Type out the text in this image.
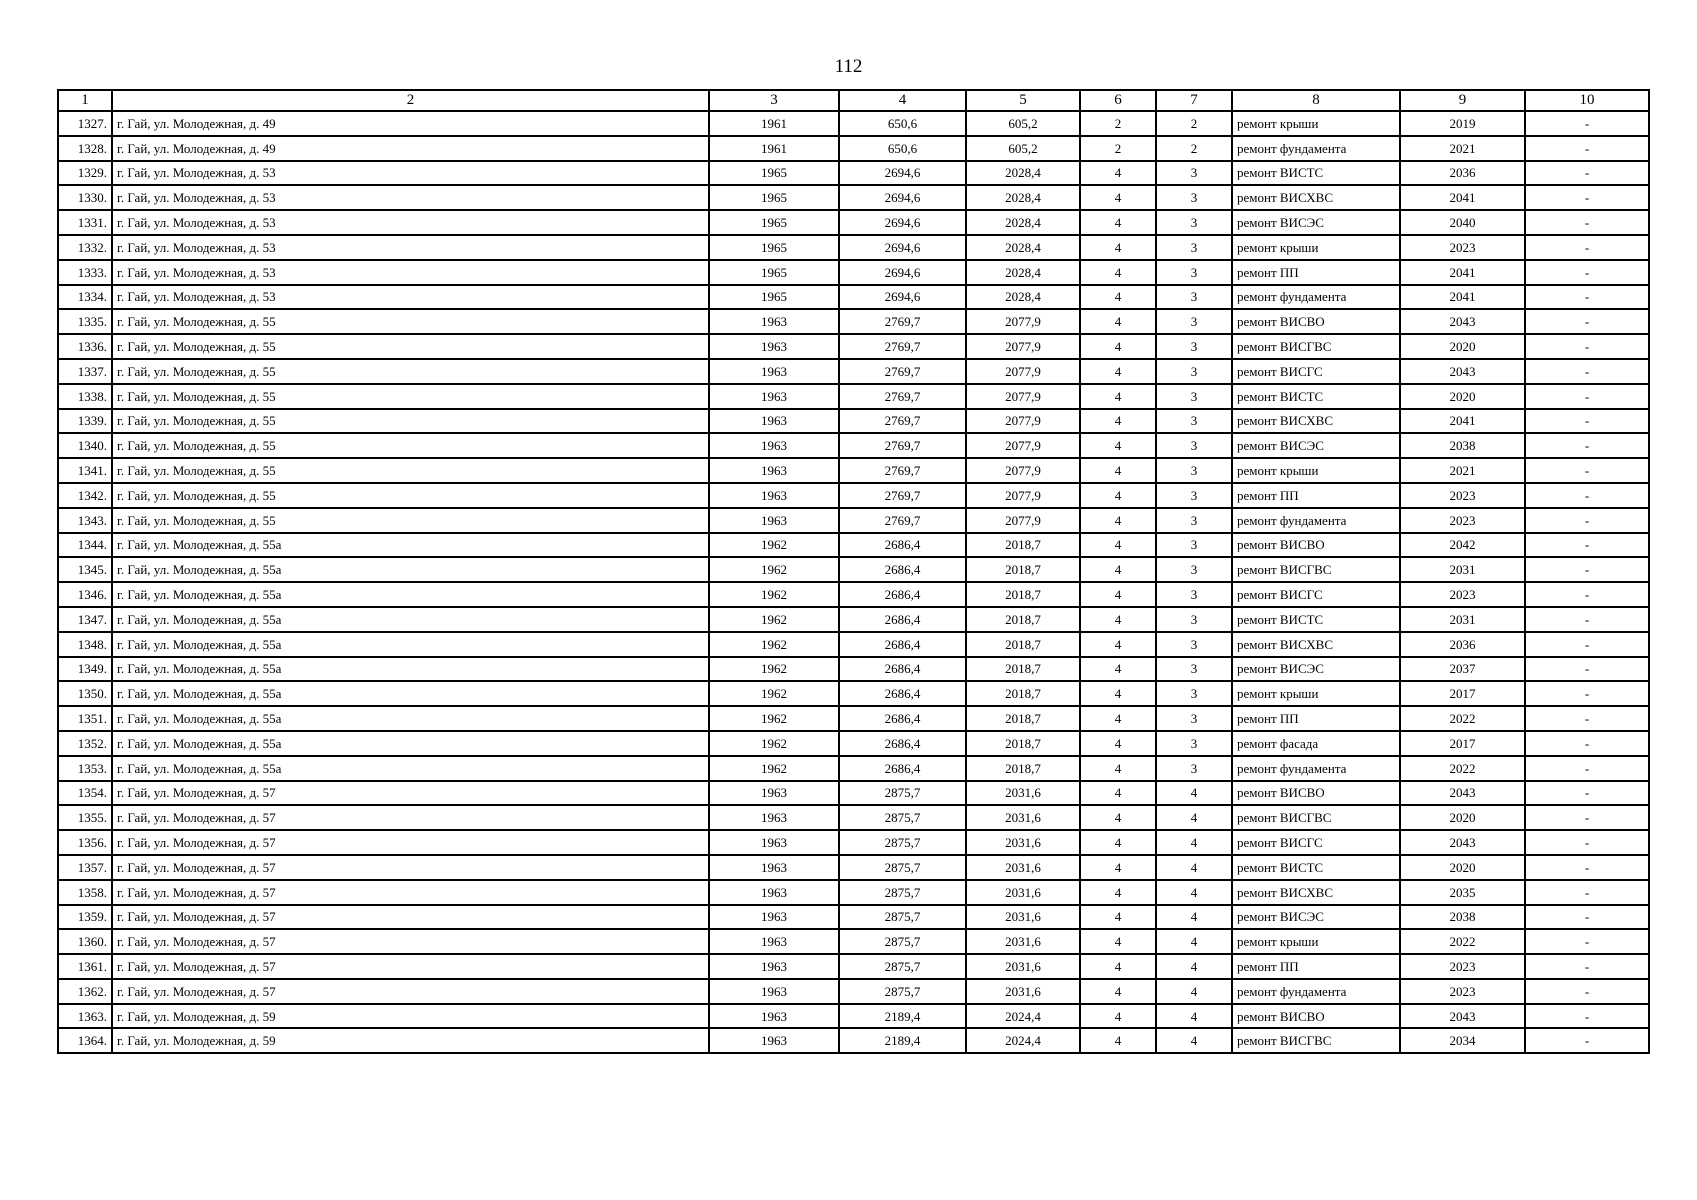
112
1	2	3	4	5	6	7	8	9	10
1327.	г. Гай, ул. Молодежная, д. 49	1961	650,6	605,2	2	2	ремонт крыши	2019	-
1328.	г. Гай, ул. Молодежная, д. 49	1961	650,6	605,2	2	2	ремонт фундамента	2021	-
1329.	г. Гай, ул. Молодежная, д. 53	1965	2694,6	2028,4	4	3	ремонт ВИСТС	2036	-
1330.	г. Гай, ул. Молодежная, д. 53	1965	2694,6	2028,4	4	3	ремонт ВИСХВС	2041	-
1331.	г. Гай, ул. Молодежная, д. 53	1965	2694,6	2028,4	4	3	ремонт ВИСЭС	2040	-
1332.	г. Гай, ул. Молодежная, д. 53	1965	2694,6	2028,4	4	3	ремонт крыши	2023	-
1333.	г. Гай, ул. Молодежная, д. 53	1965	2694,6	2028,4	4	3	ремонт ПП	2041	-
1334.	г. Гай, ул. Молодежная, д. 53	1965	2694,6	2028,4	4	3	ремонт фундамента	2041	-
1335.	г. Гай, ул. Молодежная, д. 55	1963	2769,7	2077,9	4	3	ремонт ВИСВО	2043	-
1336.	г. Гай, ул. Молодежная, д. 55	1963	2769,7	2077,9	4	3	ремонт ВИСГВС	2020	-
1337.	г. Гай, ул. Молодежная, д. 55	1963	2769,7	2077,9	4	3	ремонт ВИСГС	2043	-
1338.	г. Гай, ул. Молодежная, д. 55	1963	2769,7	2077,9	4	3	ремонт ВИСТС	2020	-
1339.	г. Гай, ул. Молодежная, д. 55	1963	2769,7	2077,9	4	3	ремонт ВИСХВС	2041	-
1340.	г. Гай, ул. Молодежная, д. 55	1963	2769,7	2077,9	4	3	ремонт ВИСЭС	2038	-
1341.	г. Гай, ул. Молодежная, д. 55	1963	2769,7	2077,9	4	3	ремонт крыши	2021	-
1342.	г. Гай, ул. Молодежная, д. 55	1963	2769,7	2077,9	4	3	ремонт ПП	2023	-
1343.	г. Гай, ул. Молодежная, д. 55	1963	2769,7	2077,9	4	3	ремонт фундамента	2023	-
1344.	г. Гай, ул. Молодежная, д. 55а	1962	2686,4	2018,7	4	3	ремонт ВИСВО	2042	-
1345.	г. Гай, ул. Молодежная, д. 55а	1962	2686,4	2018,7	4	3	ремонт ВИСГВС	2031	-
1346.	г. Гай, ул. Молодежная, д. 55а	1962	2686,4	2018,7	4	3	ремонт ВИСГС	2023	-
1347.	г. Гай, ул. Молодежная, д. 55а	1962	2686,4	2018,7	4	3	ремонт ВИСТС	2031	-
1348.	г. Гай, ул. Молодежная, д. 55а	1962	2686,4	2018,7	4	3	ремонт ВИСХВС	2036	-
1349.	г. Гай, ул. Молодежная, д. 55а	1962	2686,4	2018,7	4	3	ремонт ВИСЭС	2037	-
1350.	г. Гай, ул. Молодежная, д. 55а	1962	2686,4	2018,7	4	3	ремонт крыши	2017	-
1351.	г. Гай, ул. Молодежная, д. 55а	1962	2686,4	2018,7	4	3	ремонт ПП	2022	-
1352.	г. Гай, ул. Молодежная, д. 55а	1962	2686,4	2018,7	4	3	ремонт фасада	2017	-
1353.	г. Гай, ул. Молодежная, д. 55а	1962	2686,4	2018,7	4	3	ремонт фундамента	2022	-
1354.	г. Гай, ул. Молодежная, д. 57	1963	2875,7	2031,6	4	4	ремонт ВИСВО	2043	-
1355.	г. Гай, ул. Молодежная, д. 57	1963	2875,7	2031,6	4	4	ремонт ВИСГВС	2020	-
1356.	г. Гай, ул. Молодежная, д. 57	1963	2875,7	2031,6	4	4	ремонт ВИСГС	2043	-
1357.	г. Гай, ул. Молодежная, д. 57	1963	2875,7	2031,6	4	4	ремонт ВИСТС	2020	-
1358.	г. Гай, ул. Молодежная, д. 57	1963	2875,7	2031,6	4	4	ремонт ВИСХВС	2035	-
1359.	г. Гай, ул. Молодежная, д. 57	1963	2875,7	2031,6	4	4	ремонт ВИСЭС	2038	-
1360.	г. Гай, ул. Молодежная, д. 57	1963	2875,7	2031,6	4	4	ремонт крыши	2022	-
1361.	г. Гай, ул. Молодежная, д. 57	1963	2875,7	2031,6	4	4	ремонт ПП	2023	-
1362.	г. Гай, ул. Молодежная, д. 57	1963	2875,7	2031,6	4	4	ремонт фундамента	2023	-
1363.	г. Гай, ул. Молодежная, д. 59	1963	2189,4	2024,4	4	4	ремонт ВИСВО	2043	-
1364.	г. Гай, ул. Молодежная, д. 59	1963	2189,4	2024,4	4	4	ремонт ВИСГВС	2034	-
